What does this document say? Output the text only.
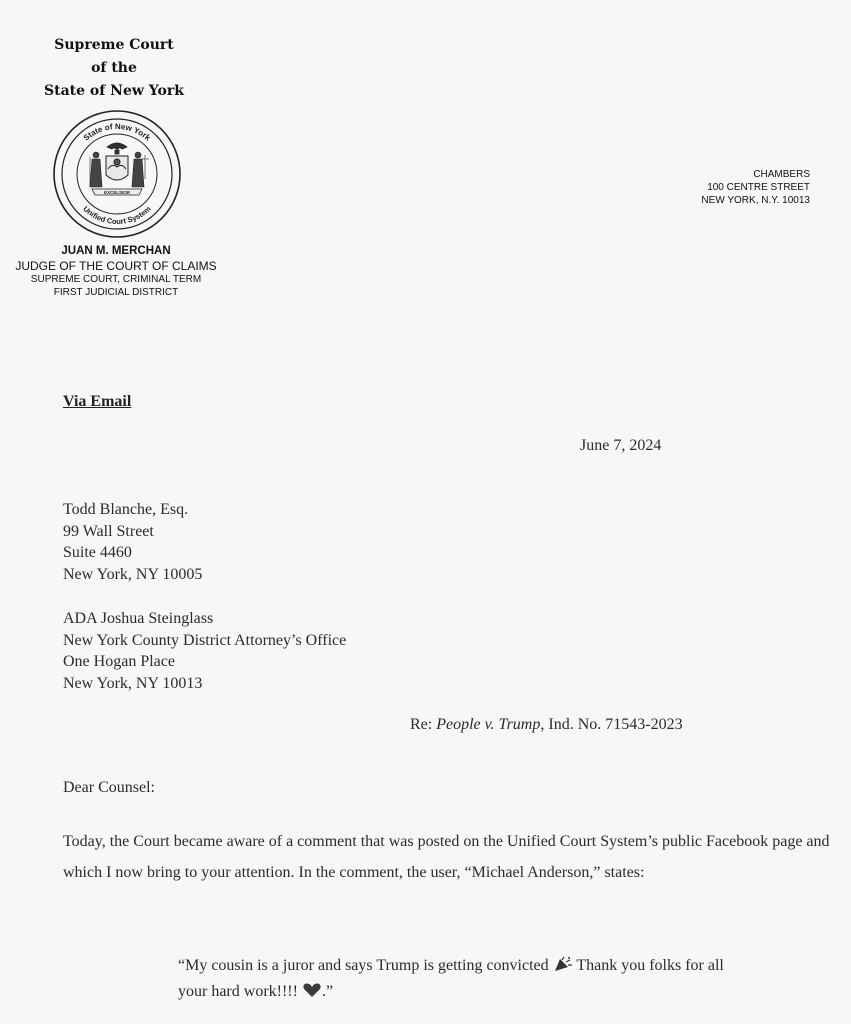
Supreme Court
of the
State of New York
State of New York
Unified Court System
EXCELSIOR
JUAN M. MERCHAN
JUDGE OF THE COURT OF CLAIMS
SUPREME COURT, CRIMINAL TERM
FIRST JUDICIAL DISTRICT
CHAMBERS
100 CENTRE STREET
NEW YORK, N.Y. 10013
Via Email
June 7, 2024
Todd Blanche, Esq.
99 Wall Street
Suite 4460
New York, NY 10005
ADA Joshua Steinglass
New York County District Attorney’s Office
One Hogan Place
New York, NY 10013
Re: People v. Trump, Ind. No. 71543-2023
Dear Counsel:

Today, the Court became aware of a comment that was posted on the Unified Court System’s public Facebook page and which I now bring to your attention. In the comment, the user, “Michael Anderson,” states:

“My cousin is a juror and says Trump is getting convicted  Thank you folks for all your hard work!!!! .”
